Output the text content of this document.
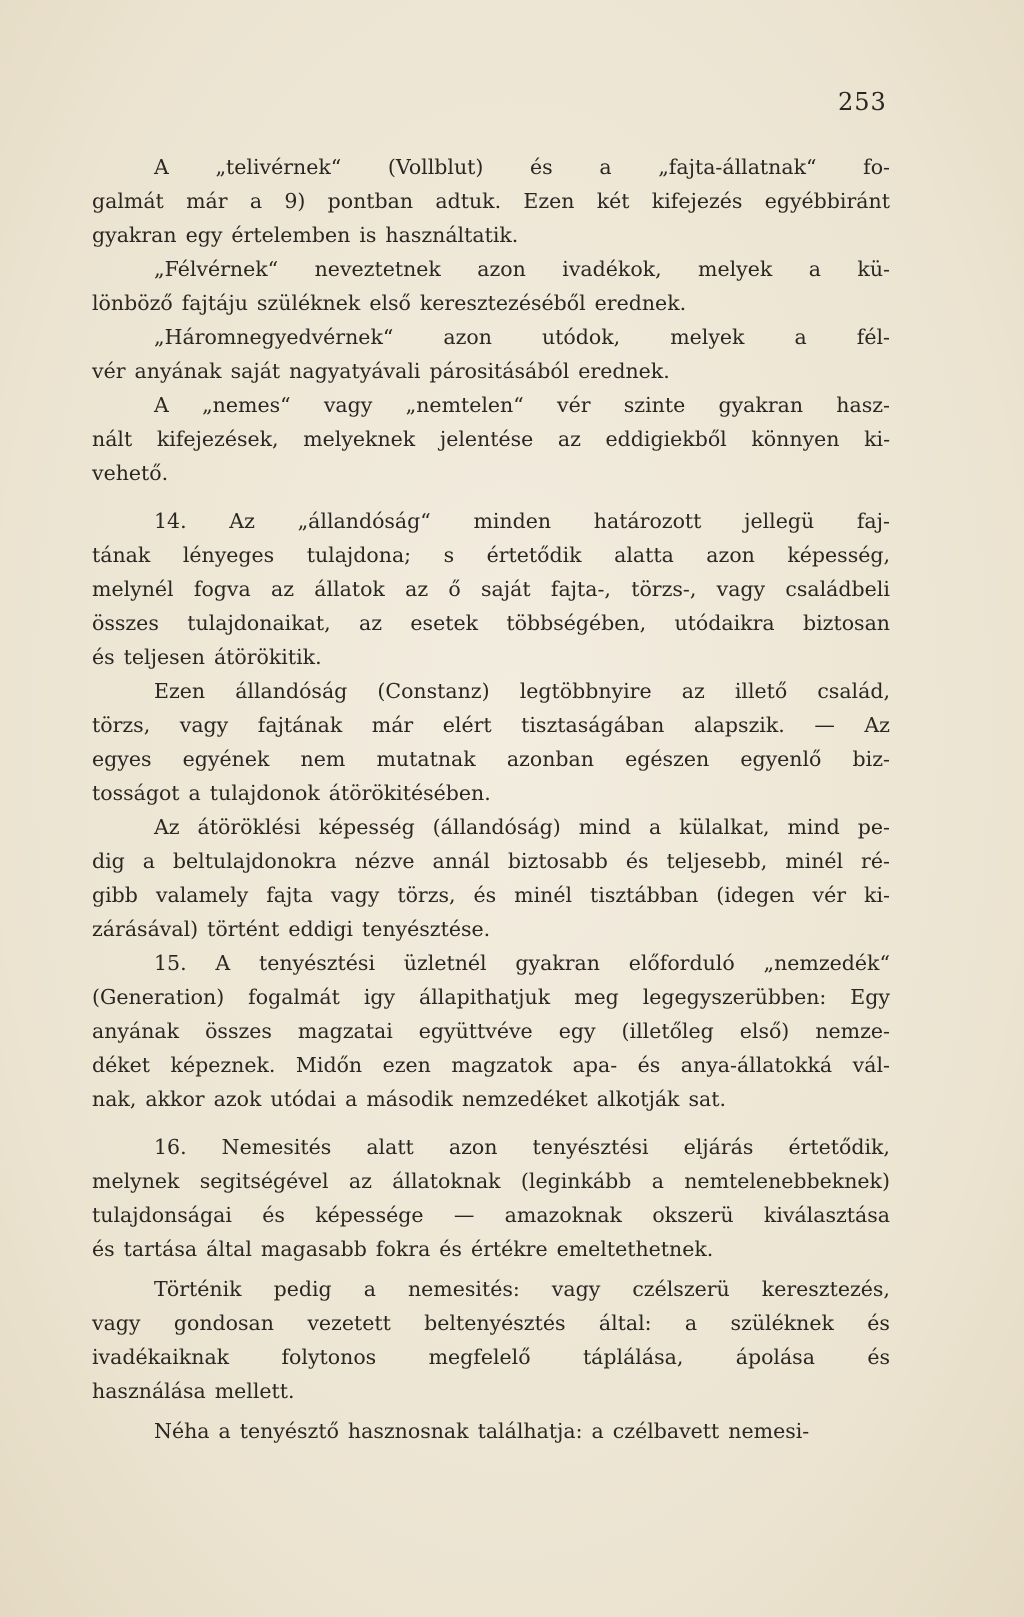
253
A „telivérnek“ (Vollblut) és a „fajta-állatnak“ fo-
galmát már a 9) pontban adtuk. Ezen két kifejezés egyébbiránt
gyakran egy értelemben is használtatik.
„Félvérnek“ neveztetnek azon ivadékok, melyek a kü-
lönböző fajtáju szüléknek első keresztezéséből erednek.
„Háromnegyedvérnek“ azon utódok, melyek a fél-
vér anyának saját nagyatyávali párositásából erednek.
A „nemes“ vagy „nemtelen“ vér szinte gyakran hasz-
nált kifejezések, melyeknek jelentése az eddigiekből könnyen ki-
vehető.
14. Az „állandóság“ minden határozott jellegü faj-
tának lényeges tulajdona; s értetődik alatta azon képesség,
melynél fogva az állatok az ő saját fajta-, törzs-, vagy családbeli
összes tulajdonaikat, az esetek többségében, utódaikra biztosan
és teljesen átörökitik.
Ezen állandóság (Constanz) legtöbbnyire az illető család,
törzs, vagy fajtának már elért tisztaságában alapszik. — Az
egyes egyének nem mutatnak azonban egészen egyenlő biz-
tosságot a tulajdonok átörökitésében.
Az átöröklési képesség (állandóság) mind a külalkat, mind pe-
dig a beltulajdonokra nézve annál biztosabb és teljesebb, minél ré-
gibb valamely fajta vagy törzs, és minél tisztábban (idegen vér ki-
zárásával) történt eddigi tenyésztése.
15. A tenyésztési üzletnél gyakran előforduló „nemzedék“
(Generation) fogalmát igy állapithatjuk meg legegyszerübben: Egy
anyának összes magzatai együttvéve egy (illetőleg első) nemze-
déket képeznek. Midőn ezen magzatok apa- és anya-állatokká vál-
nak, akkor azok utódai a második nemzedéket alkotják sat.
16. Nemesités alatt azon tenyésztési eljárás értetődik,
melynek segitségével az állatoknak (leginkább a nemtelenebbeknek)
tulajdonságai és képessége — amazoknak okszerü kiválasztása
és tartása által magasabb fokra és értékre emeltethetnek.
Történik pedig a nemesités: vagy czélszerü keresztezés,
vagy gondosan vezetett beltenyésztés által: a szüléknek és
ivadékaiknak	folytonos	megfelelő	táplálása,	ápolása	és
használása mellett.
Néha a tenyésztő hasznosnak találhatja: a czélbavett nemesi-
